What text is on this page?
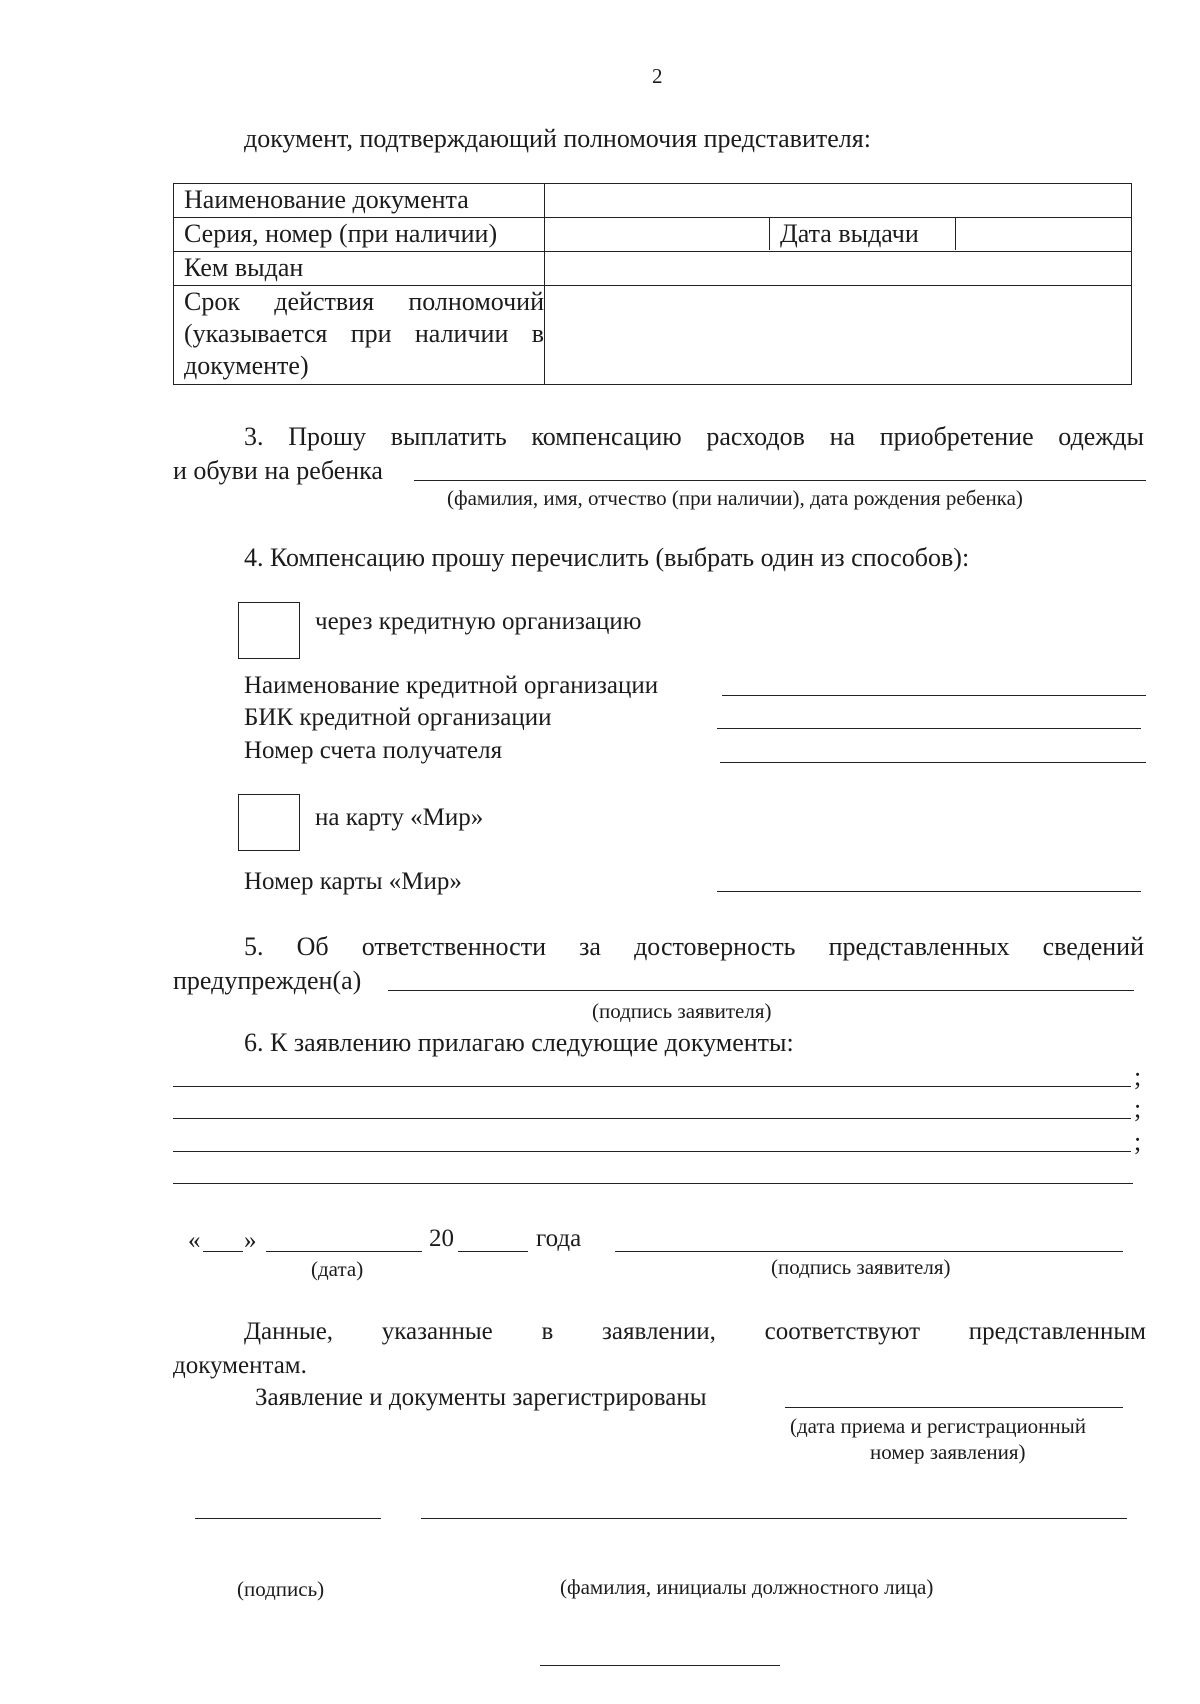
2
документ, подтверждающий полномочия представителя:
Наименование документа	
Серия, номер (при наличии)	
		Дата выдачи	

Кем выдан	

Срок действия полномочий
(указывается при наличии в
документе)

3. Прошу выплатить компенсацию расходов на приобретение одежды
и обуви на ребенка
(фамилия, имя, отчество (при наличии), дата рождения ребенка)
4. Компенсацию прошу перечислить (выбрать один из способов):
через кредитную организацию
Наименование кредитной организации
БИК кредитной организации
Номер счета получателя
на карту «Мир»
Номер карты «Мир»
5. Об ответственности за достоверность представленных сведений
предупрежден(а)
(подпись заявителя)
6. К заявлению прилагаю следующие документы:
;
;
;
« »	20	года
(дата)	(подпись заявителя)
Данные, указанные в заявлении, соответствуют представленным
документам.
Заявление и документы зарегистрированы
(дата приема и регистрационный
номер заявления)
(подпись)	(фамилия, инициалы должностного лица)
